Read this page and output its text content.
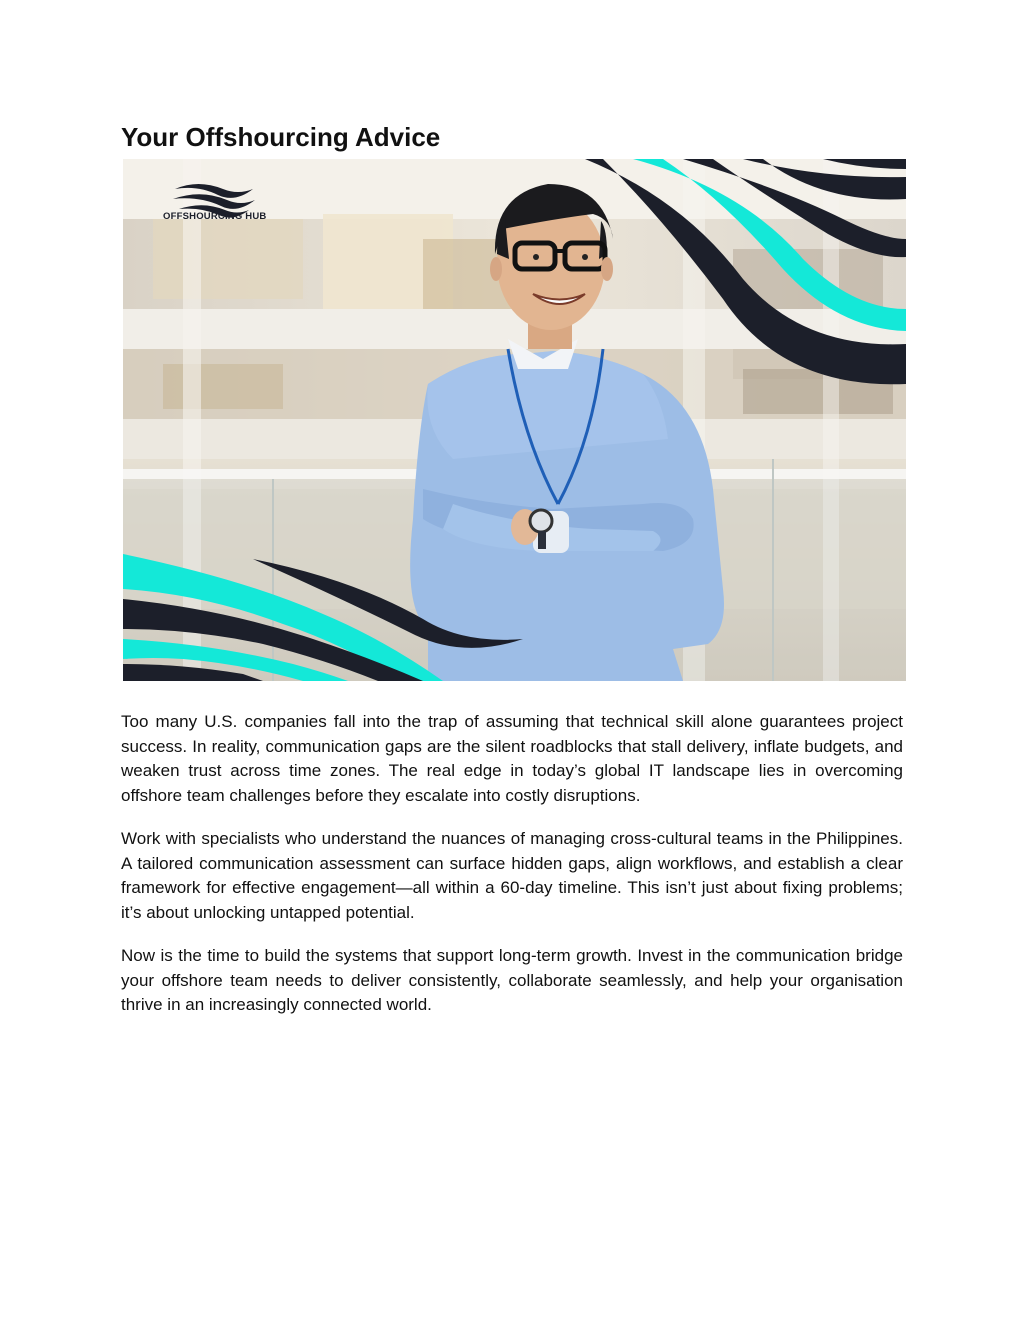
Your Offshourcing Advice
OFFSHOURCING HUB

Too many U.S. companies fall into the trap of assuming that technical skill alone guarantees project success. In reality, communication gaps are the silent roadblocks that stall delivery, inflate budgets, and weaken trust across time zones. The real edge in today’s global IT landscape lies in overcoming offshore team challenges before they escalate into costly disruptions.

Work with specialists who understand the nuances of managing cross-cultural teams in the Philippines. A tailored communication assessment can surface hidden gaps, align workflows, and establish a clear framework for effective engagement—all within a 60-day timeline. This isn’t just about fixing problems; it’s about unlocking untapped potential.

Now is the time to build the systems that support long-term growth. Invest in the communication bridge your offshore team needs to deliver consistently, collaborate seamlessly, and help your organisation thrive in an increasingly connected world.
